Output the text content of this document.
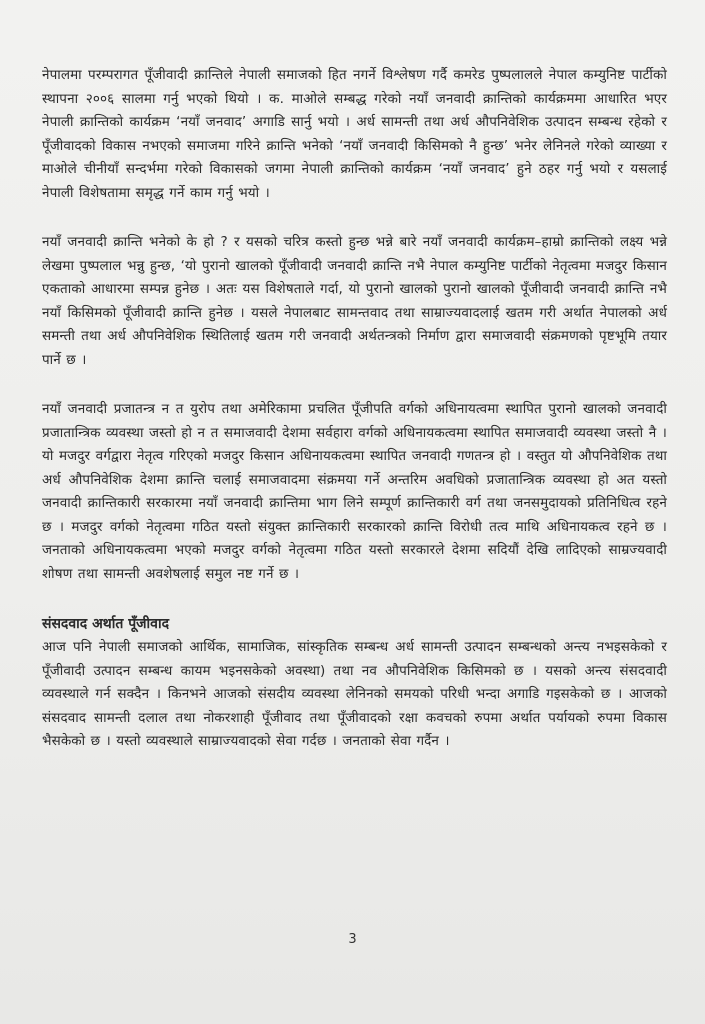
नेपालमा परम्परागत पूँजीवादी क्रान्तिले नेपाली समाजको हित नगर्ने विश्लेषण गर्दै कमरेड पुष्पलालले नेपाल कम्युनिष्ट पार्टीको स्थापना २००६ सालमा गर्नु भएको थियो । क. माओले सम्बद्ध गरेको नयाँ जनवादी क्रान्तिको कार्यक्रममा आधारित भएर नेपाली क्रान्तिको कार्यक्रम ‘नयाँ जनवाद’ अगाडि सार्नु भयो । अर्ध सामन्ती तथा अर्ध औपनिवेशिक उत्पादन सम्बन्ध रहेको र पूँजीवादको विकास नभएको समाजमा गरिने क्रान्ति भनेको ‘नयाँ जनवादी किसिमको नै हुन्छ’ भनेर लेनिनले गरेको व्याख्या र माओले चीनीयाँ सन्दर्भमा गरेको विकासको जगमा नेपाली क्रान्तिको कार्यक्रम ‘नयाँ जनवाद’ हुने ठहर गर्नु भयो र यसलाई नेपाली विशेषतामा समृद्ध गर्ने काम गर्नु भयो ।

नयाँ जनवादी क्रान्ति भनेको के हो ? र यसको चरित्र कस्तो हुन्छ भन्ने बारे नयाँ जनवादी कार्यक्रम–हाम्रो क्रान्तिको लक्ष्य भन्ने लेखमा पुष्पलाल भन्नु हुन्छ, ‘यो पुरानो खालको पूँजीवादी जनवादी क्रान्ति नभै नेपाल कम्युनिष्ट पार्टीको नेतृत्वमा मजदुर किसान एकताको आधारमा सम्पन्न हुनेछ । अतः यस विशेषताले गर्दा, यो पुरानो खालको पुरानो खालको पूँजीवादी जनवादी क्रान्ति नभै नयाँ किसिमको पूँजीवादी क्रान्ति हुनेछ । यसले नेपालबाट सामन्तवाद तथा साम्राज्यवादलाई खतम गरी अर्थात नेपालको अर्ध समन्ती तथा अर्ध औपनिवेशिक स्थितिलाई खतम गरी जनवादी अर्थतन्त्रको निर्माण द्वारा समाजवादी संक्रमणको पृष्टभूमि तयार पार्ने छ ।

नयाँ जनवादी प्रजातन्त्र न त युरोप तथा अमेरिकामा प्रचलित पूँजीपति वर्गको अधिनायत्वमा स्थापित पुरानो खालको जनवादी प्रजातान्त्रिक व्यवस्था जस्तो हो न त समाजवादी देशमा सर्वहारा वर्गको अधिनायकत्वमा स्थापित समाजवादी व्यवस्था जस्तो नै । यो मजदुर वर्गद्वारा नेतृत्व गरिएको मजदुर किसान अधिनायकत्वमा स्थापित जनवादी गणतन्त्र हो । वस्तुत यो औपनिवेशिक तथा अर्ध औपनिवेशिक देशमा क्रान्ति चलाई समाजवादमा संक्रमया गर्ने अन्तरिम अवधिको प्रजातान्त्रिक व्यवस्था हो अत यस्तो जनवादी क्रान्तिकारी सरकारमा नयाँ जनवादी क्रान्तिमा भाग लिने सम्पूर्ण क्रान्तिकारी वर्ग तथा जनसमुदायको प्रतिनिधित्व रहने छ । मजदुर वर्गको नेतृत्वमा गठित यस्तो संयुक्त क्रान्तिकारी सरकारको क्रान्ति विरोधी तत्व माथि अधिनायकत्व रहने छ । जनताको अधिनायकत्वमा भएको मजदुर वर्गको नेतृत्वमा गठित यस्तो सरकारले देशमा सदियौं देखि लादिएको साम्रज्यवादी शोषण तथा सामन्ती अवशेषलाई समुल नष्ट गर्ने छ ।

संसदवाद अर्थात पूँजीवाद

आज पनि नेपाली समाजको आर्थिक, सामाजिक, सांस्कृतिक सम्बन्ध अर्ध सामन्ती उत्पादन सम्बन्धको अन्त्य नभइसकेको र पूँजीवादी उत्पादन सम्बन्ध कायम भइनसकेको अवस्था) तथा नव औपनिवेशिक किसिमको छ । यसको अन्त्य संसदवादी व्यवस्थाले गर्न सक्दैन । किनभने आजको संसदीय व्यवस्था लेनिनको समयको परिधी भन्दा अगाडि गइसकेको छ । आजको संसदवाद सामन्ती दलाल तथा नोकरशाही पूँजीवाद तथा पूँजीवादको रक्षा कवचको रुपमा अर्थात पर्यायको रुपमा विकास भैसकेको छ । यस्तो व्यवस्थाले साम्राज्यवादको सेवा गर्दछ । जनताको सेवा गर्दैन ।

3
